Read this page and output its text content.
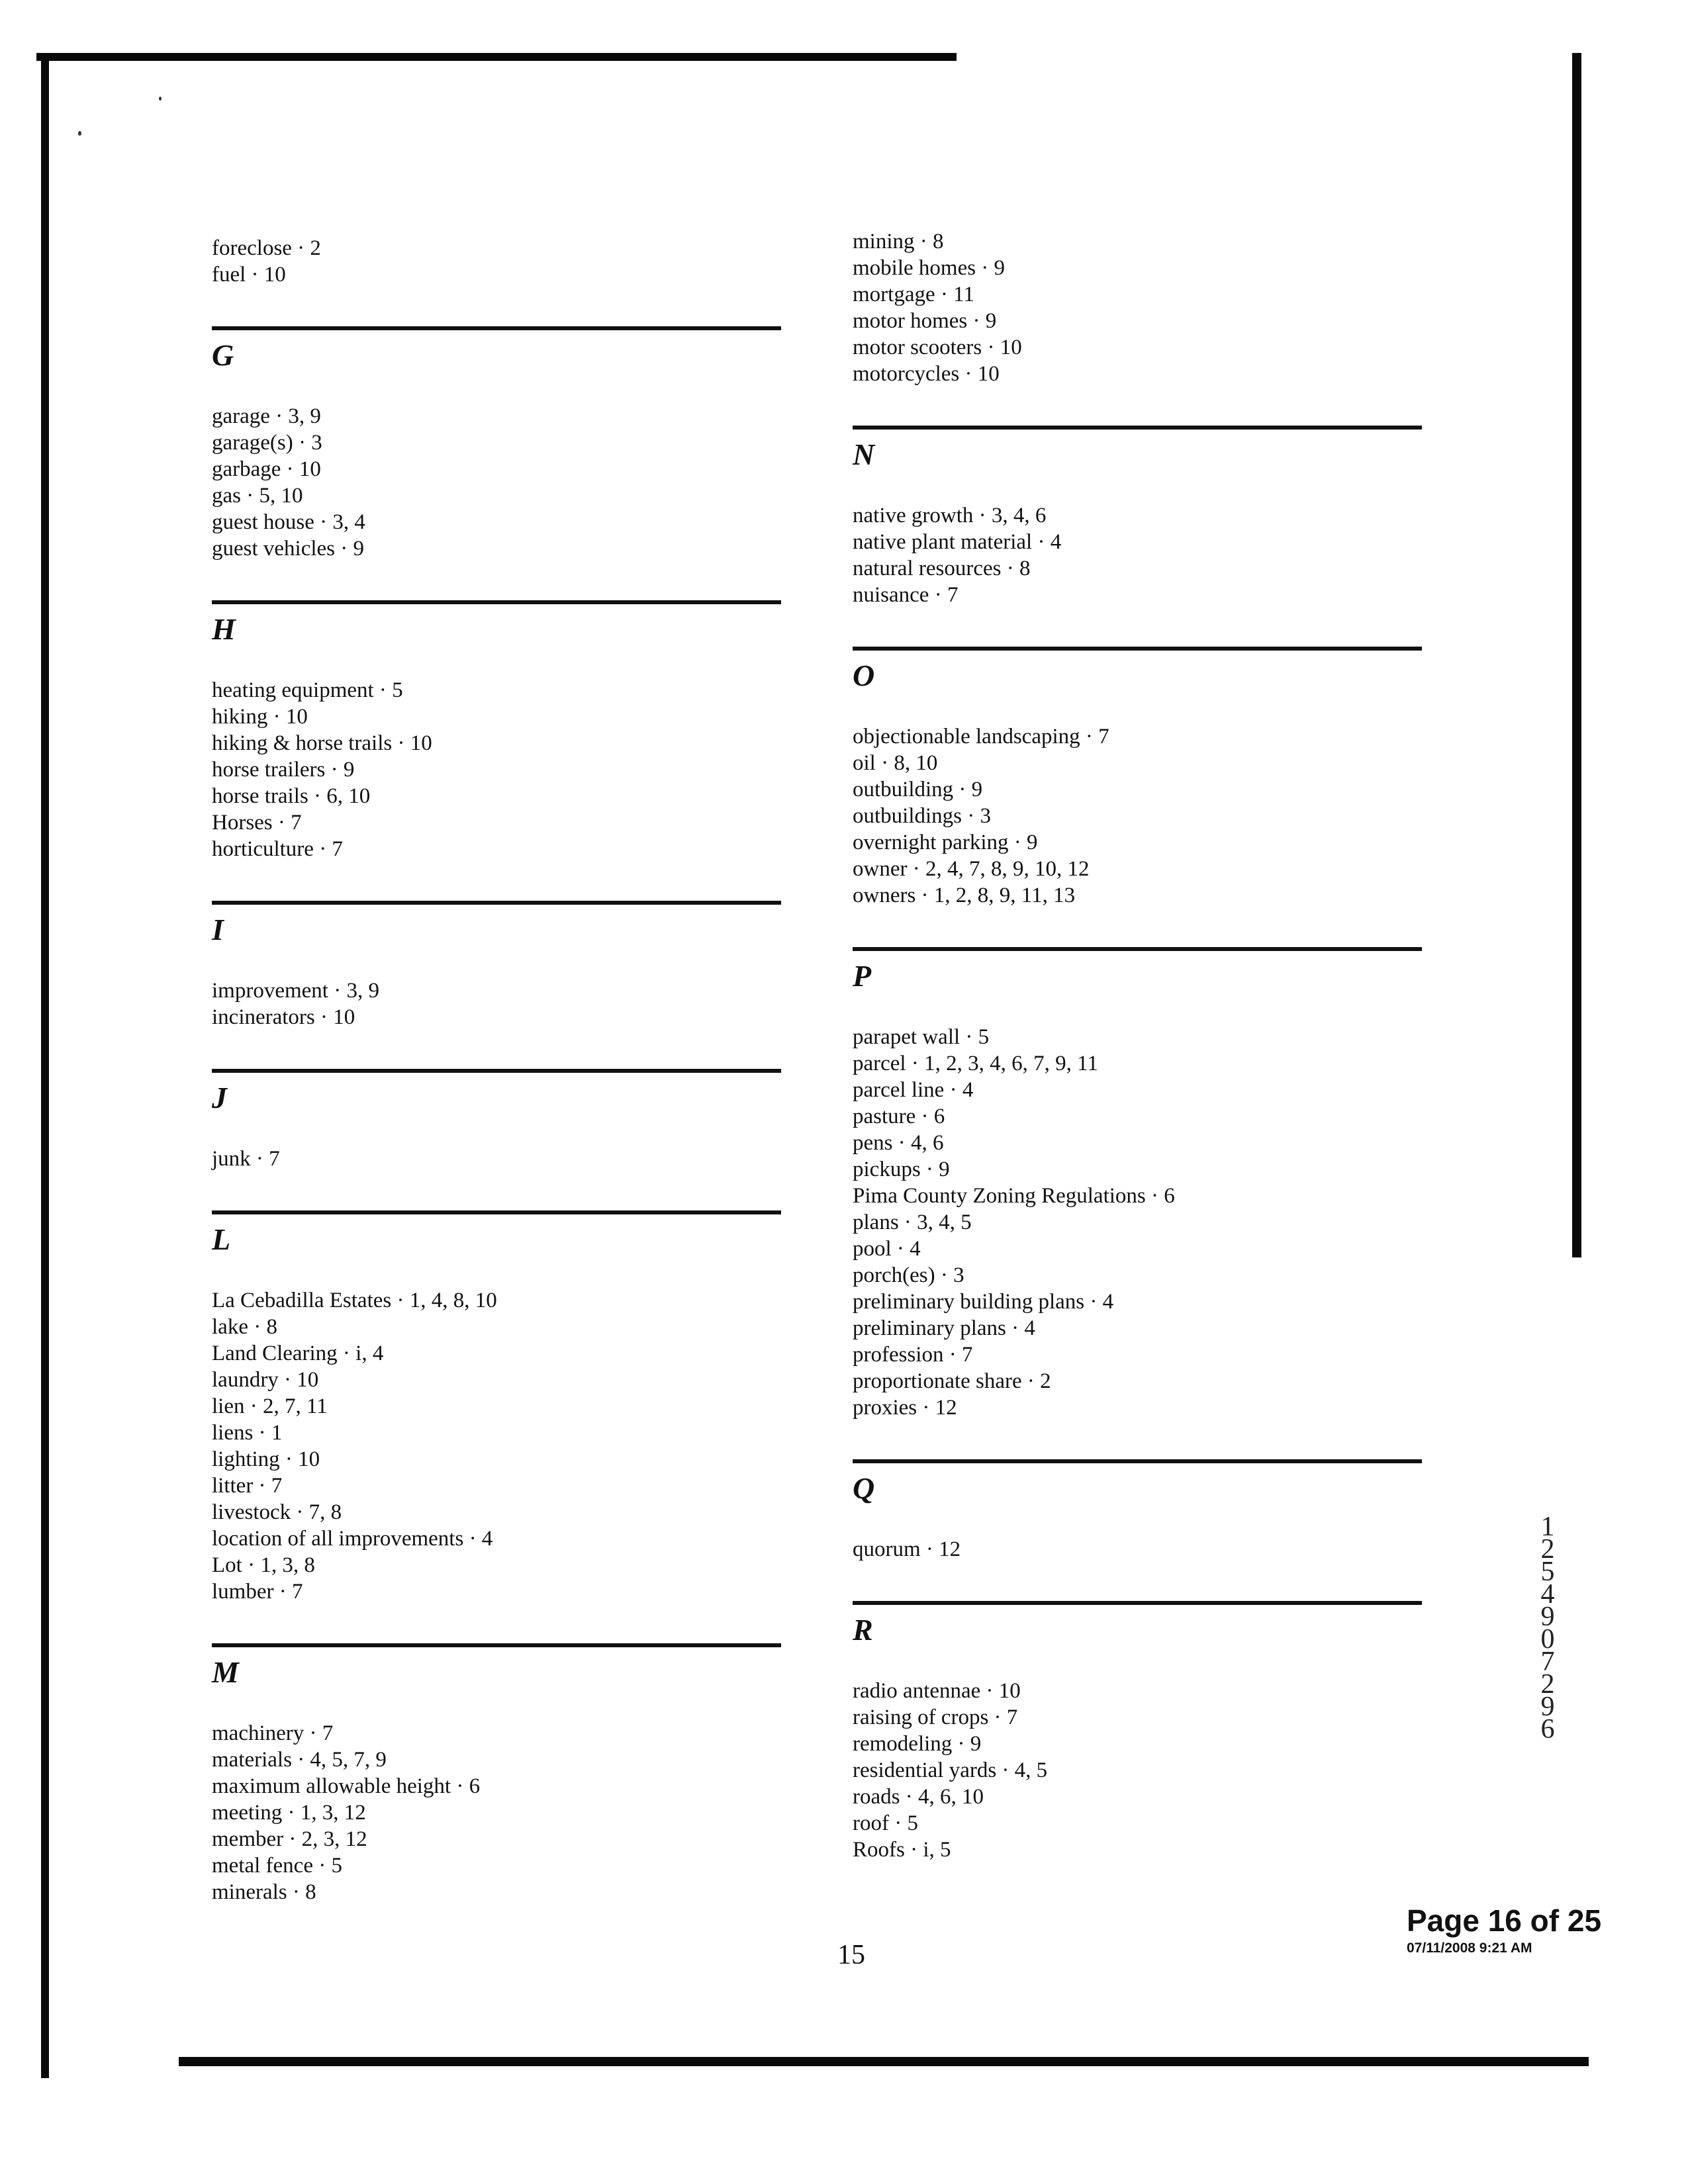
foreclose · 2
fuel · 10
G
garage · 3, 9
garage(s) · 3
garbage · 10
gas · 5, 10
guest house · 3, 4
guest vehicles · 9
H
heating equipment · 5
hiking · 10
hiking & horse trails · 10
horse trailers · 9
horse trails · 6, 10
Horses · 7
horticulture · 7
I
improvement · 3, 9
incinerators · 10
J
junk · 7
L
La Cebadilla Estates · 1, 4, 8, 10
lake · 8
Land Clearing · i, 4
laundry · 10
lien · 2, 7, 11
liens · 1
lighting · 10
litter · 7
livestock · 7, 8
location of all improvements · 4
Lot · 1, 3, 8
lumber · 7
M
machinery · 7
materials · 4, 5, 7, 9
maximum allowable height · 6
meeting · 1, 3, 12
member · 2, 3, 12
metal fence · 5
minerals · 8
mining · 8
mobile homes · 9
mortgage · 11
motor homes · 9
motor scooters · 10
motorcycles · 10
N
native growth · 3, 4, 6
native plant material · 4
natural resources · 8
nuisance · 7
O
objectionable landscaping · 7
oil · 8, 10
outbuilding · 9
outbuildings · 3
overnight parking · 9
owner · 2, 4, 7, 8, 9, 10, 12
owners · 1, 2, 8, 9, 11, 13
P
parapet wall · 5
parcel · 1, 2, 3, 4, 6, 7, 9, 11
parcel line · 4
pasture · 6
pens · 4, 6
pickups · 9
Pima County Zoning Regulations · 6
plans · 3, 4, 5
pool · 4
porch(es) · 3
preliminary building plans · 4
preliminary plans · 4
profession · 7
proportionate share · 2
proxies · 12
Q
quorum · 12
R
radio antennae · 10
raising of crops · 7
remodeling · 9
residential yards · 4, 5
roads · 4, 6, 10
roof · 5
Roofs · i, 5
12549 07296
15
Page 16 of 25
07/11/2008 9:21 AM
